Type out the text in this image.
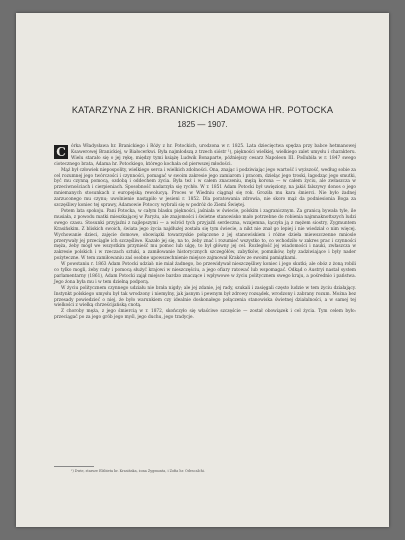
KATARZYNA Z HR. BRANICKICH ADAMOWA HR. POTOCKA
1825 — 1907.

C	órka Władysława hr. Branickiego i Róży z hr. Potockich, urodzona w r. 1825. Lata dziecięctwa spędza przy babce hetmanowej Ksawerowej Branickiej, w Białocerkwi. Była najmłodszą z trzech sióstr ¹), piękności wielkiej, wielkiego zalet umysłu i charakteru. Wielu starało się o jej rękę, między tymi książę Ludwik Bonaparte, późniejszy cesarz Napoleon III. Poślubiła w r. 1847 swego ciotecznego brata, Adama hr. Potockiego, którego kochała od pierwszej młodości.

Mąż był człowiek niepospolity, wielkiego serca i wielkich zdolności. Ona, znając i podziwiając jego wartość i wyższość, według sobie za cel rozumnej jego twórczości i czynności, pomagać w swoim zakresie jego zamiarom i pracom, dzieląc jego troski, łagodząc jego smutki, być mu czynną pomocą, ozdobą i oddechem życia. Była też i w całem znaczeniu, mężą korona — w całem życiu, ale zwłaszcza w przeciwnościach i cierpieniach. Sposobność nadarzyła się rychło. W r. 1851 Adam Potocki był uwięziony, na jakiś falszywy donos o jego mniemanych stosunkach z europejską rewolucyą. Proces w Wiedniu ciągnął się rok. Groziła mu kara śmierci. Nie było żadnej zarzuconego mu czynu; uwolnienie nastąpiło w jesieni r. 1852. Dla poratowania zdrowia, nie skoro mąż da podniesionia Boga za szczęśliwy koniec tej sprawy, Adamowie Potoccy wybrali się w podróż do Ziemi Świętej.

Potem lata spokoju. Pani Potocka, w całym blasku piękności, jaśniała w świecie, polskim i zagranicznym. Za granicą bywała tyle, ile musiała, z powodu matki mieszkającej w Paryżu, ale znajomości i świetne stanowisko mało potrzebne do robienia najmnaknottszych ludzi swego czasu. Stosunki przyjaźni z najlepszymi — a wśród tych przyjaźń serdeczna, wzajemna, łączyła ją z mężem siostry, Zygmuntem Krasińskim. Z bliskich swoich, świata jego życia najdłużej została się tym świecie, a nikt nie znał go lepiej i nie wiedział o nim więcej. Wychowanie dzieci, zajęcie domowe, obowiązki towarzyskie połączone z jej stanowiskiem i różne dzieła miewszczenne mniosle przerywały jej przeciągle ich szczęśliwe. Kazało jej się, na to, żeby znać i rozumieć wszystko to, co wchodziło w zakres prac i czynności męża, żeby mógł we wszystkim przynieść mu pomoc lub ulgę, to był główny jej cel. Rozległość jej wiadomości i nauki, zwłaszcza w zakresie polskich i w rzeczach sztuki, a zamiłowanie historycznych szczegółów, zabytków, pomników, były zadziwiające i były nader pożyteczne. W tem zamiłowaniu zaś osobne upowszechnienie miejsce zajmował Kraków ze swoimi pamiątkami.

W powstaniu r. 1863 Adam Potocki udział: nie miał żadnego, bo przewidywał nieszczęśliwy koniec i jego skutki; ale obóz z żoną robili co tylko mogli, żeby rady i pomocą służyć krajowi w nieszczęściu, a jego ofiary ratować lub wspomagać. Odkąd o Austryi nastał system parlamentarny (1861), Adam Potocki zajął miejsce bardzo znaczące i wpływowe w życiu politycznem swego kraju, a pośrednio i państwa. Jego żona była mu i w tem dzielną podporą.

W życiu politycznem czynnego udziału nie brała nigdy; ale jej zdanie, jej rady, szukali i zasięgali często ludzie w tem życiu działający. Instynkt polskiego umysłu był tak wrodzony i niemylny, jak jasnym i pewnym był zdrowy rozsądek, wrodzony i zabrany rozum. Można bez przesady powiedzieć o niej, że było warunkiem czy idealnie doskonałego połączenia stanowiska świetnej działalności, a w samej tej wielkości z wielką chrześcijańską cnotą.

Z choroby męża, z jego śmiercią w r. 1872, skończyło się właściwe szczęście — został obowiązek i cel życia. Tym celem było: przeciągać po za jego grób jego myśl, jego duchu, jego tradycje.

¹) Dwie, starsze Elżbieta hr. Krasińska, żona Zygmunta, i Zofia hr. Odescalchi.
